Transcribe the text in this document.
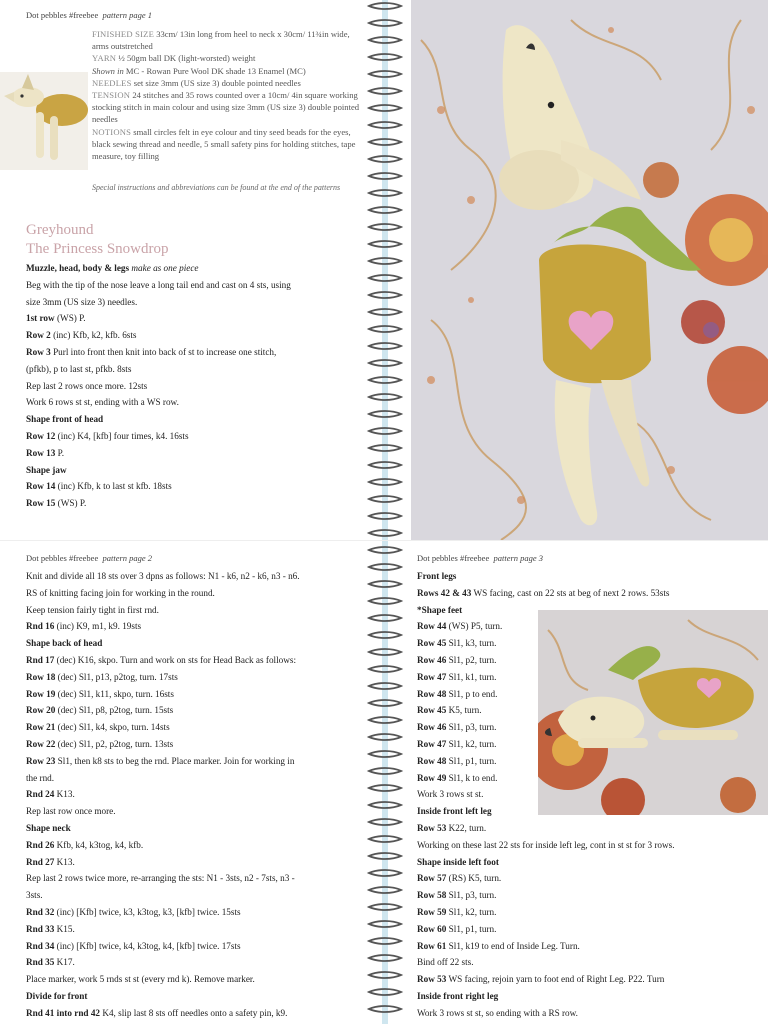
Dot pebbles #freebee pattern page 1
FINISHED SIZE 33cm/ 13in long from heel to neck x 30cm/ 11¾in wide, arms outstretched
YARN ½ 50gm ball DK (light-worsted) weight
Shown in MC - Rowan Pure Wool DK shade 13 Enamel (MC)
NEEDLES set size 3mm (US size 3) double pointed needles
TENSION 24 stitches and 35 rows counted over a 10cm/ 4in square working stocking stitch in main colour and using size 3mm (US size 3) double pointed needles
NOTIONS small circles felt in eye colour and tiny seed beads for the eyes, black sewing thread and needle, 5 small safety pins for holding stitches, tape measure, toy filling
Special instructions and abbreviations can be found at the end of the patterns
Greyhound
The Princess Snowdrop
Muzzle, head, body & legs make as one piece
Beg with the tip of the nose leave a long tail end and cast on 4 sts, using
size 3mm (US size 3) needles.
1st row (WS) P.
Row 2 (inc) Kfb, k2, kfb. 6sts
Row 3 Purl into front then knit into back of st to increase one stitch,
(pfkb), p to last st, pfkb. 8sts
Rep last 2 rows once more. 12sts
Work 6 rows st st, ending with a WS row.
Shape front of head
Row 12 (inc) K4, [kfb] four times, k4. 16sts
Row 13 P.
Shape jaw
Row 14 (inc) Kfb, k to last st kfb. 18sts
Row 15 (WS) P.
Dot pebbles #freebee pattern page 2
Knit and divide all 18 sts over 3 dpns as follows: N1 - k6, n2 - k6, n3 - n6.
RS of knitting facing join for working in the round.
Keep tension fairly tight in first rnd.
Rnd 16 (inc) K9, m1, k9. 19sts
Shape back of head
Rnd 17 (dec) K16, skpo. Turn and work on sts for Head Back as follows:
Row 18 (dec) Sl1, p13, p2tog, turn. 17sts
Row 19 (dec) Sl1, k11, skpo, turn. 16sts
Row 20 (dec) Sl1, p8, p2tog, turn. 15sts
Row 21 (dec) Sl1, k4, skpo, turn. 14sts
Row 22 (dec) Sl1, p2, p2tog, turn. 13sts
Row 23 Sl1, then k8 sts to beg the rnd. Place marker. Join for working in
the rnd.
Rnd 24 K13.
Rep last row once more.
Shape neck
Rnd 26 Kfb, k4, k3tog, k4, kfb.
Rnd 27 K13.
Rep last 2 rows twice more, re-arranging the sts: N1 - 3sts, n2 - 7sts, n3 -
3sts.
Rnd 32 (inc) [Kfb] twice, k3, k3tog, k3, [kfb] twice. 15sts
Rnd 33 K15.
Rnd 34 (inc) [Kfb] twice, k4, k3tog, k4, [kfb] twice. 17sts
Rnd 35 K17.
Place marker, work 5 rnds st st (every rnd k). Remove marker.
Divide for front
Rnd 41 into rnd 42 K4, slip last 8 sts off needles onto a safety pin, k9.
Dot pebbles #freebee pattern page 3
Front legs
Rows 42 & 43 WS facing, cast on 22 sts at beg of next 2 rows. 53sts
*Shape feet
Row 44 (WS) P5, turn.
Row 45 Sl1, k3, turn.
Row 46 Sl1, p2, turn.
Row 47 Sl1, k1, turn.
Row 48 Sl1, p to end.
Row 45 K5, turn.
Row 46 Sl1, p3, turn.
Row 47 Sl1, k2, turn.
Row 48 Sl1, p1, turn.
Row 49 Sl1, k to end.
Work 3 rows st st.
Inside front left leg
Row 53 K22, turn.
Working on these last 22 sts for inside left leg, cont in st st for 3 rows.
Shape inside left foot
Row 57 (RS) K5, turn.
Row 58 Sl1, p3, turn.
Row 59 Sl1, k2, turn.
Row 60 Sl1, p1, turn.
Row 61 Sl1, k19 to end of Inside Leg. Turn.
Bind off 22 sts.
Row 53 WS facing, rejoin yarn to foot end of Right Leg. P22. Turn
Inside front right leg
Work 3 rows st st, so ending with a RS row.
